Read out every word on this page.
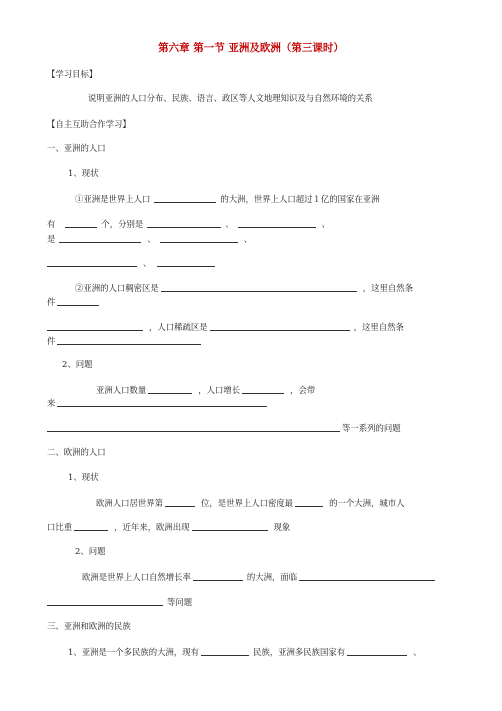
第六章 第一节 亚洲及欧洲（第三课时）
【学习目标】
说明亚洲的人口分布、民族、语言、政区等人文地理知识及与自然环境的关系
【自主互助合作学习】
一、亚洲的人口
1、现状
①亚洲是世界上人口	的大洲，世界上人口超过１亿的国家在亚洲
有	个，分别是	、	、
是	、	、
、
②亚洲的人口稠密区是	，这里自然条
件
，人口稀疏区是	，这里自然条
件
2、问题
亚洲人口数量	，人口增长	，会带
来
等一系列的问题
二、欧洲的人口
1、现状
欧洲人口居世界第	位，是世界上人口密度最	的一个大洲，城市人
口比重	，近年来，欧洲出现	现象
2、问题
欧洲是世界上人口自然增长率	的大洲，面临
等问题
三、亚洲和欧洲的民族
1、亚洲是一个多民族的大洲，现有	民族，亚洲多民族国家有	、
